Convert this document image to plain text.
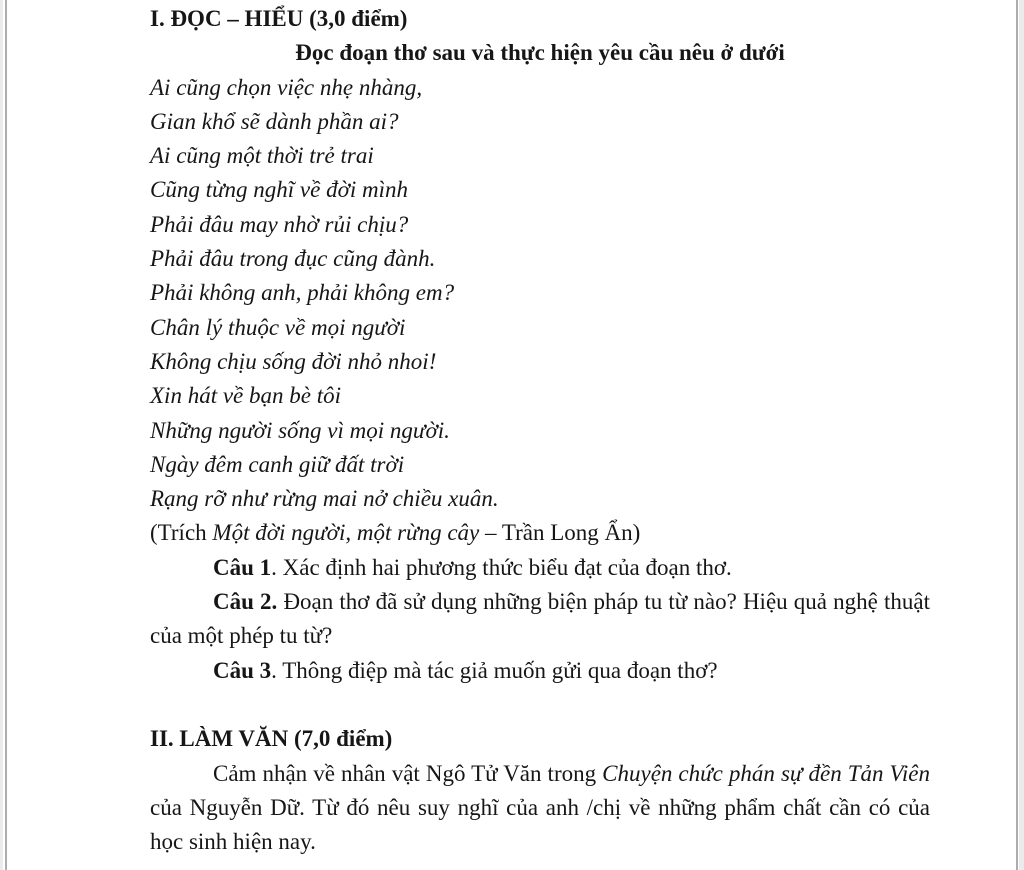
I. ĐỌC – HIỂU (3,0 điểm)

Đọc đoạn thơ sau và thực hiện yêu cầu nêu ở dưới

Ai cũng chọn việc nhẹ nhàng,
Gian khổ sẽ dành phần ai?
Ai cũng một thời trẻ trai
Cũng từng nghĩ về đời mình
Phải đâu may nhờ rủi chịu?
Phải đâu trong đục cũng đành.
Phải không anh, phải không em?
Chân lý thuộc về mọi người
Không chịu sống đời nhỏ nhoi!
Xin hát về bạn bè tôi
Những người sống vì mọi người.
Ngày đêm canh giữ đất trời
Rạng rỡ như rừng mai nở chiều xuân.

(Trích Một đời người, một rừng cây – Trần Long Ẩn)

Câu 1. Xác định hai phương thức biểu đạt của đoạn thơ.

Câu 2. Đoạn thơ đã sử dụng những biện pháp tu từ nào? Hiệu quả nghệ thuật của một phép tu từ?

Câu 3. Thông điệp mà tác giả muốn gửi qua đoạn thơ?

II. LÀM VĂN (7,0 điểm)

Cảm nhận về nhân vật Ngô Tử Văn trong Chuyện chức phán sự đền Tản Viên của Nguyễn Dữ. Từ đó nêu suy nghĩ của anh /chị về những phẩm chất cần có của học sinh hiện nay.
